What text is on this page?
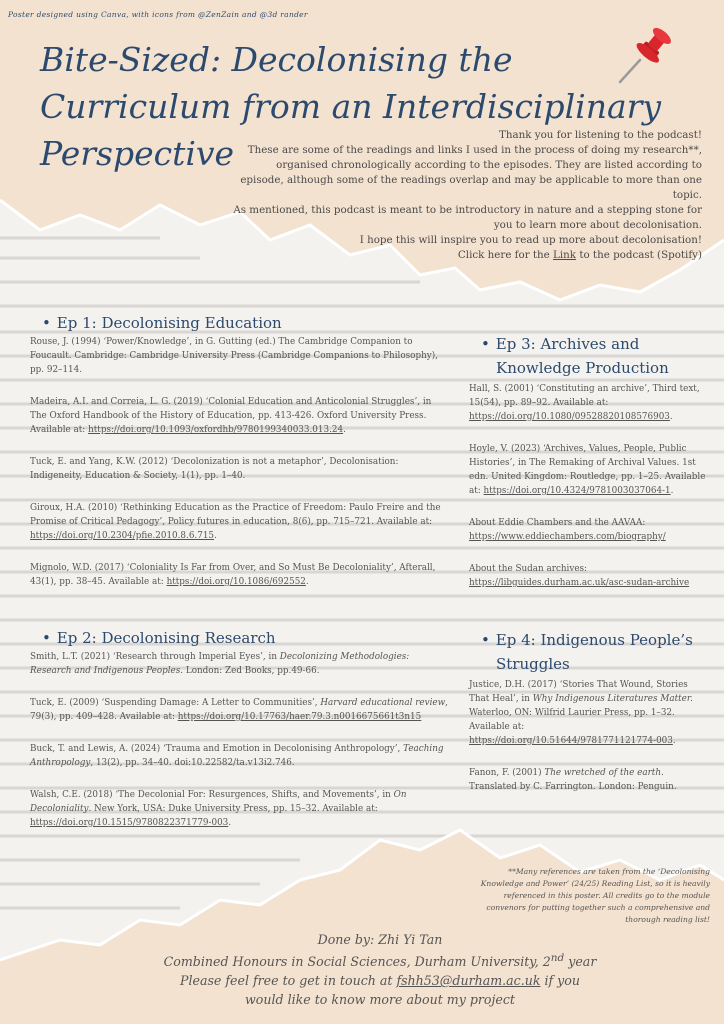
Poster designed using Canva, with icons from @ZenZain and @3d rander
Bite-Sized: Decolonising the
Curriculum from an Interdisciplinary
Perspective	Thank you for listening to the podcast!

These are some of the readings and links I used in the process of doing my research**, organised chronologically according to the episodes. They are listed according to episode, although some of the readings overlap and may be applicable to more than one topic.

As mentioned, this podcast is meant to be introductory in nature and a stepping stone for you to learn more about decolonisation.

I hope this will inspire you to read up more about decolonisation!

Click here for the Link to the podcast (Spotify)

• Ep 1: Decolonising Education

Rouse, J. (1994) ‘Power/Knowledge’, in G. Gutting (ed.) The Cambridge Companion to Foucault. Cambridge: Cambridge University Press (Cambridge Companions to Philosophy), pp. 92–114.

Madeira, A.I. and Correia, L. G. (2019) ‘Colonial Education and Anticolonial Struggles’, in The Oxford Handbook of the History of Education, pp. 413-426. Oxford University Press. Available at: https://doi.org/10.1093/oxfordhb/9780199340033.013.24.

Tuck, E. and Yang, K.W. (2012) ‘Decolonization is not a metaphor’, Decolonisation: Indigeneity, Education & Society, 1(1), pp. 1–40.

Giroux, H.A. (2010) ‘Rethinking Education as the Practice of Freedom: Paulo Freire and the Promise of Critical Pedagogy’, Policy futures in education, 8(6), pp. 715–721. Available at: https://doi.org/10.2304/pfie.2010.8.6.715.

Mignolo, W.D. (2017) ‘Coloniality Is Far from Over, and So Must Be Decoloniality’, Afterall, 43(1), pp. 38–45. Available at: https://doi.org/10.1086/692552.

• Ep 2: Decolonising Research

Smith, L.T. (2021) ‘Research through Imperial Eyes’, in Decolonizing Methodologies: Research and Indigenous Peoples. London: Zed Books, pp.49-66.

Tuck, E. (2009) ‘Suspending Damage: A Letter to Communities’, Harvard educational review, 79(3), pp. 409–428. Available at: https://doi.org/10.17763/haer.79.3.n0016675661t3n15

Buck, T. and Lewis, A. (2024) ‘Trauma and Emotion in Decolonising Anthropology’, Teaching Anthropology, 13(2), pp. 34–40. doi:10.22582/ta.v13i2.746.

Walsh, C.E. (2018) ‘The Decolonial For: Resurgences, Shifts, and Movements’, in On Decoloniality. New York, USA: Duke University Press, pp. 15–32. Available at: https://doi.org/10.1515/9780822371779-003.

• Ep 3: Archives and
Knowledge Production

Hall, S. (2001) ‘Constituting an archive’, Third text, 15(54), pp. 89–92. Available at: https://doi.org/10.1080/09528820108576903.

Hoyle, V. (2023) ‘Archives, Values, People, Public Histories’, in The Remaking of Archival Values. 1st edn. United Kingdom: Routledge, pp. 1–25. Available at: https://doi.org/10.4324/9781003037064-1.

About Eddie Chambers and the AAVAA: https://www.eddiechambers.com/biography/

About the Sudan archives: https://libguides.durham.ac.uk/asc-sudan-archive

• Ep 4: Indigenous People’s
Struggles

Justice, D.H. (2017) ‘Stories That Wound, Stories That Heal’, in Why Indigenous Literatures Matter. Waterloo, ON: Wilfrid Laurier Press, pp. 1–32. Available at: https://doi.org/10.51644/9781771121774-003.

Fanon, F. (2001) The wretched of the earth. Translated by C. Farrington. London: Penguin.

**Many references are taken from the ‘Decolonising Knowledge and Power’ (24/25) Reading List, so it is heavily referenced in this poster. All credits go to the module convenors for putting together such a comprehensive and thorough reading list!

Done by: Zhi Yi Tan

Combined Honours in Social Sciences, Durham University, 2nd year

Please feel free to get in touch at fshh53@durham.ac.uk if you

would like to know more about my project
